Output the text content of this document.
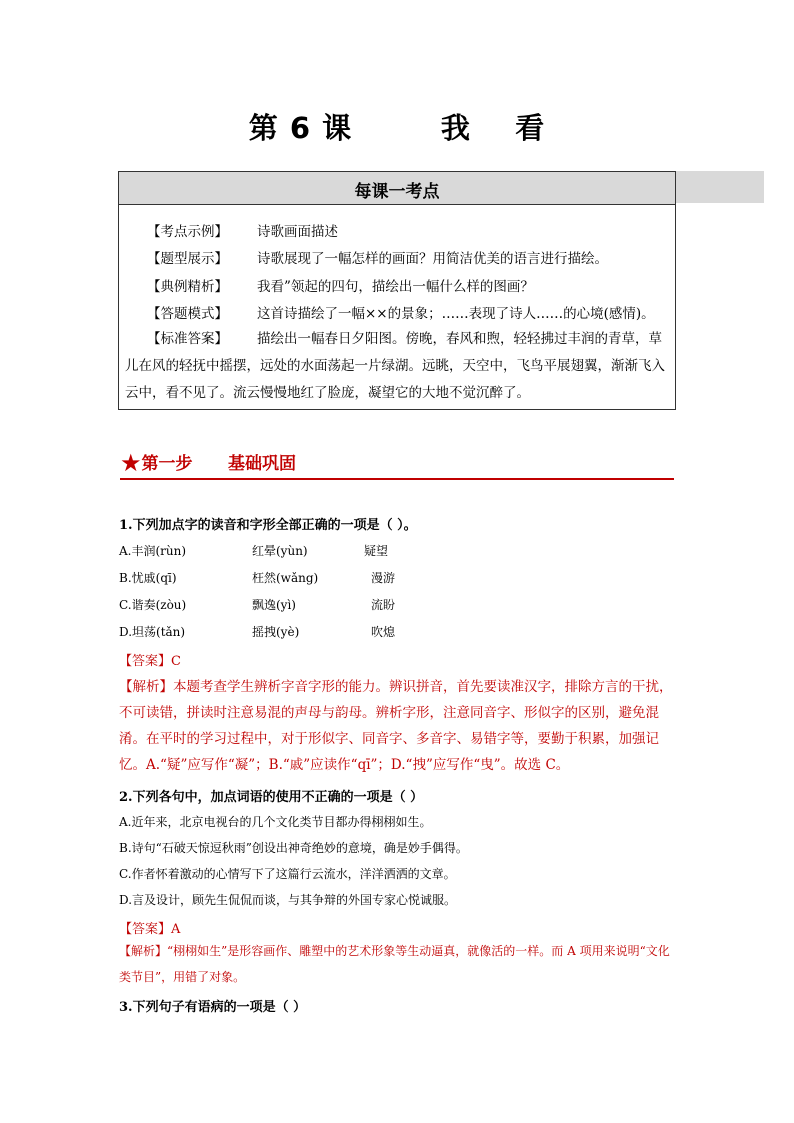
第 6 课        我    看
每课一考点
【考点示例】 诗歌画面描述
【题型展示】 诗歌展现了一幅怎样的画面？用简洁优美的语言进行描绘。
【典例精析】 我看”领起的四句，描绘出一幅什么样的图画？
【答题模式】 这首诗描绘了一幅××的景象；……表现了诗人……的心境(感情)。
【标准答案】 描绘出一幅春日夕阳图。傍晚，春风和煦，轻轻拂过丰润的青草，草儿在风的轻抚中摇摆，远处的水面荡起一片绿湖。远眺，天空中，飞鸟平展翅翼，渐渐飞入云中，看不见了。流云慢慢地红了脸庞，凝望它的大地不觉沉醉了。
★第一步      基础巩固
1.下列加点字的读音和字形全部正确的一项是（ ）。
A.丰润(rùn)	红晕(yùn)	疑望
B.忧戚(qī)	枉然(wǎng)	漫游
C.谐奏(zòu)	飘逸(yì)	流盼
D.坦荡(tǎn)	摇拽(yè)	吹熄
【答案】C
【解析】本题考查学生辨析字音字形的能力。辨识拼音，首先要读准汉字，排除方言的干扰，不可读错，拼读时注意易混的声母与韵母。辨析字形，注意同音字、形似字的区别，避免混淆。在平时的学习过程中，对于形似字、同音字、多音字、易错字等，要勤于积累，加强记忆。A.“疑”应写作“凝”；B.“戚”应读作“qī”；D.“拽”应写作“曳”。故选 C。
2.下列各句中，加点词语的使用不正确的一项是（ ）
A.近年来，北京电视台的几个文化类节目都办得栩栩如生。
B.诗句“石破天惊逗秋雨”创设出神奇绝妙的意境，确是妙手偶得。
C.作者怀着激动的心情写下了这篇行云流水，洋洋洒洒的文章。
D.言及设计，顾先生侃侃而谈，与其争辩的外国专家心悦诚服。
【答案】A
【解析】“栩栩如生”是形容画作、雕塑中的艺术形象等生动逼真，就像活的一样。而 A 项用来说明“文化类节目”，用错了对象。
3.下列句子有语病的一项是（ ）
